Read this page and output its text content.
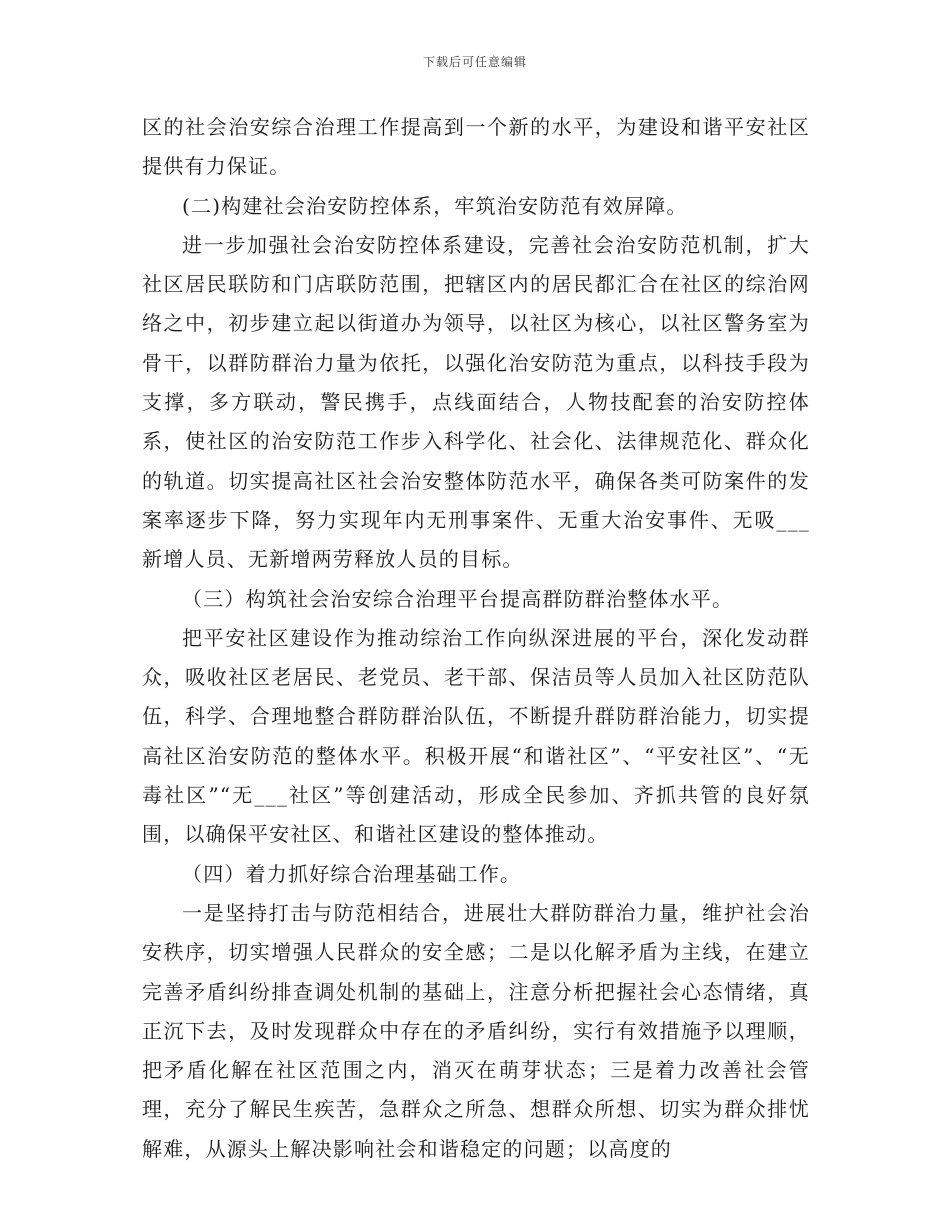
下载后可任意编辑

区的社会治安综合治理工作提高到一个新的水平，为建设和谐平安社区提供有力保证。

(二)构建社会治安防控体系，牢筑治安防范有效屏障。

进一步加强社会治安防控体系建设，完善社会治安防范机制，扩大社区居民联防和门店联防范围，把辖区内的居民都汇合在社区的综治网络之中，初步建立起以街道办为领导，以社区为核心，以社区警务室为骨干，以群防群治力量为依托，以强化治安防范为重点，以科技手段为支撑，多方联动，警民携手，点线面结合，人物技配套的治安防控体系，使社区的治安防范工作步入科学化、社会化、法律规范化、群众化的轨道。切实提高社区社会治安整体防范水平，确保各类可防案件的发案率逐步下降，努力实现年内无刑事案件、无重大治安事件、无吸___新增人员、无新增两劳释放人员的目标。

（三）构筑社会治安综合治理平台提高群防群治整体水平。

把平安社区建设作为推动综治工作向纵深进展的平台，深化发动群众，吸收社区老居民、老党员、老干部、保洁员等人员加入社区防范队伍，科学、合理地整合群防群治队伍，不断提升群防群治能力，切实提高社区治安防范的整体水平。积极开展“和谐社区”、“平安社区”、“无毒社区”“无___社区”等创建活动，形成全民参加、齐抓共管的良好氛围，以确保平安社区、和谐社区建设的整体推动。

（四）着力抓好综合治理基础工作。

一是坚持打击与防范相结合，进展壮大群防群治力量，维护社会治安秩序，切实增强人民群众的安全感；二是以化解矛盾为主线，在建立完善矛盾纠纷排查调处机制的基础上，注意分析把握社会心态情绪，真正沉下去，及时发现群众中存在的矛盾纠纷，实行有效措施予以理顺，把矛盾化解在社区范围之内，消灭在萌芽状态；三是着力改善社会管理，充分了解民生疾苦，急群众之所急、想群众所想、切实为群众排忧解难，从源头上解决影响社会和谐稳定的问题；以高度的
